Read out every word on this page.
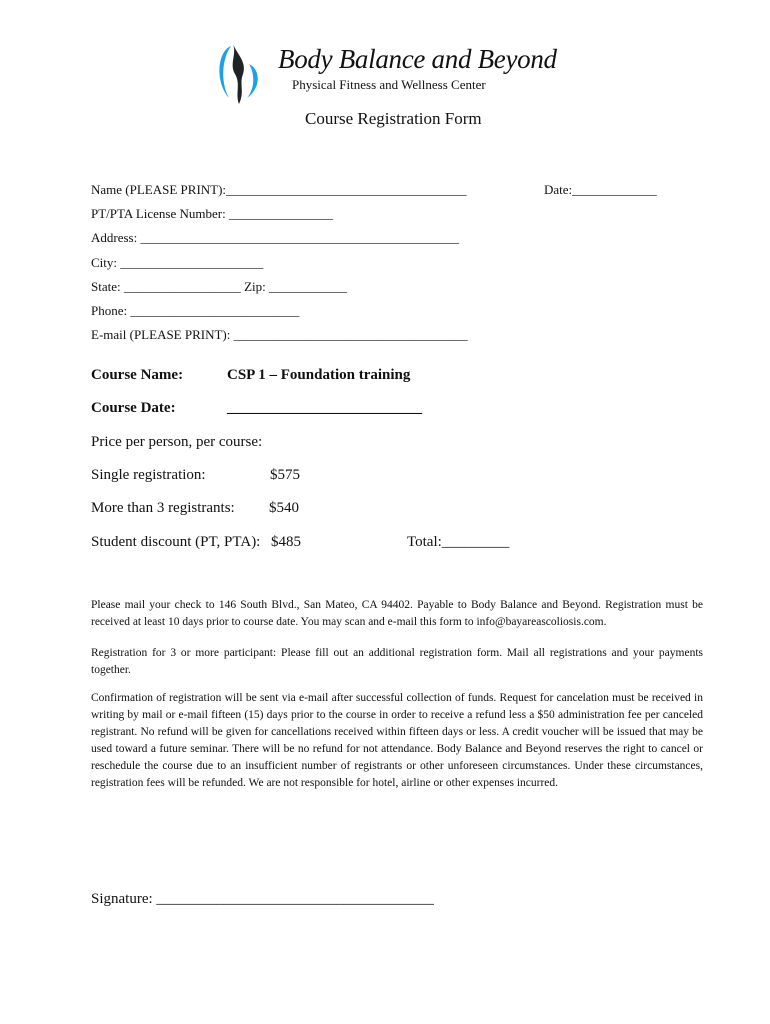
Body Balance and Beyond
Physical Fitness and Wellness Center
Course Registration Form
Name (PLEASE PRINT):_____________________________________	Date:_____________
PT/PTA License Number: ________________
Address: _________________________________________________
City: ______________________
State: __________________ Zip: ____________
Phone: __________________________
E-mail (PLEASE PRINT): ____________________________________
Course Name:	CSP 1 – Foundation training
Course Date:	__________________________
Price per person, per course:
Single registration:	$575
More than 3 registrants: $540
Student discount (PT, PTA): $485	Total:_________

Please mail your check to 146 South Blvd., San Mateo, CA 94402. Payable to Body Balance and Beyond. Registration must be received at least 10 days prior to course date. You may scan and e-mail this form to info@bayareascoliosis.com.

Registration for 3 or more participant: Please fill out an additional registration form. Mail all registrations and your payments together.

Confirmation of registration will be sent via e-mail after successful collection of funds. Request for cancelation must be received in writing by mail or e-mail fifteen (15) days prior to the course in order to receive a refund less a $50 administration fee per canceled registrant. No refund will be given for cancellations received within fifteen days or less. A credit voucher will be issued that may be used toward a future seminar. There will be no refund for not attendance. Body Balance and Beyond reserves the right to cancel or reschedule the course due to an insufficient number of registrants or other unforeseen circumstances. Under these circumstances, registration fees will be refunded. We are not responsible for hotel, airline or other expenses incurred.

Signature: _____________________________________
